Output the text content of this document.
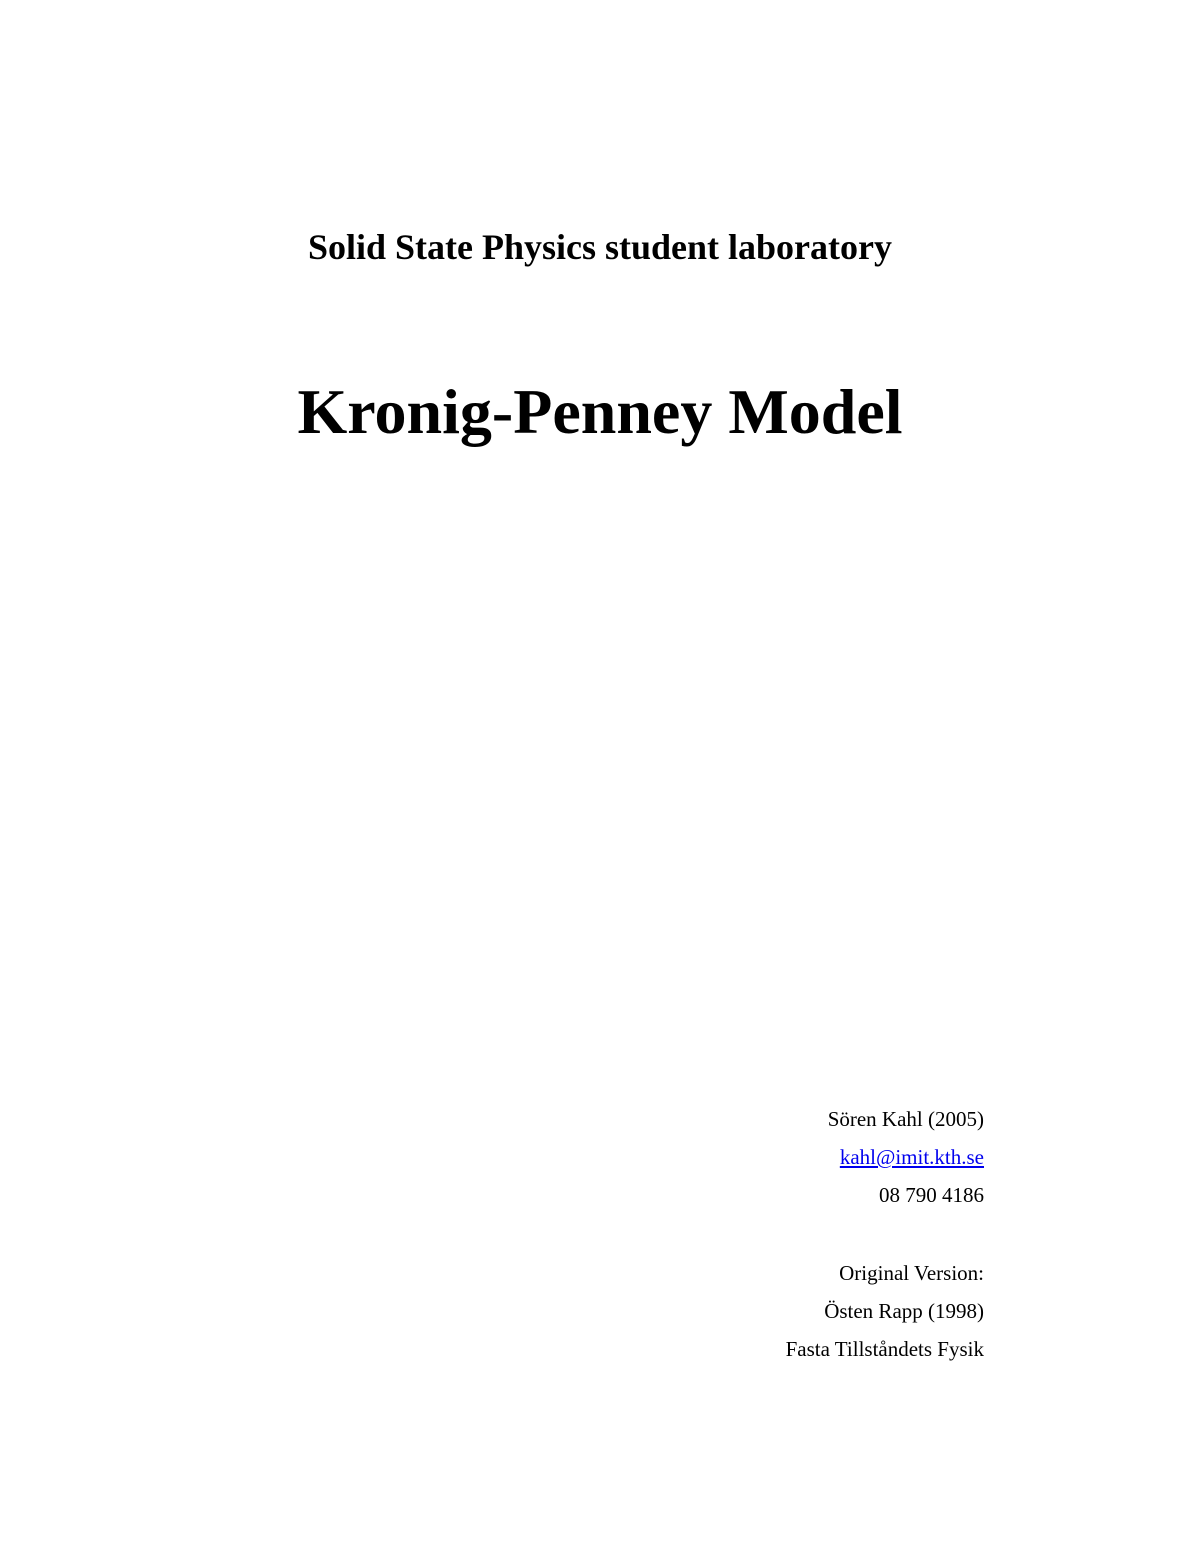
Solid State Physics student laboratory
Kronig-Penney Model
Sören Kahl (2005)
kahl@imit.kth.se
08 790 4186
Original Version:
Östen Rapp (1998)
Fasta Tillståndets Fysik
